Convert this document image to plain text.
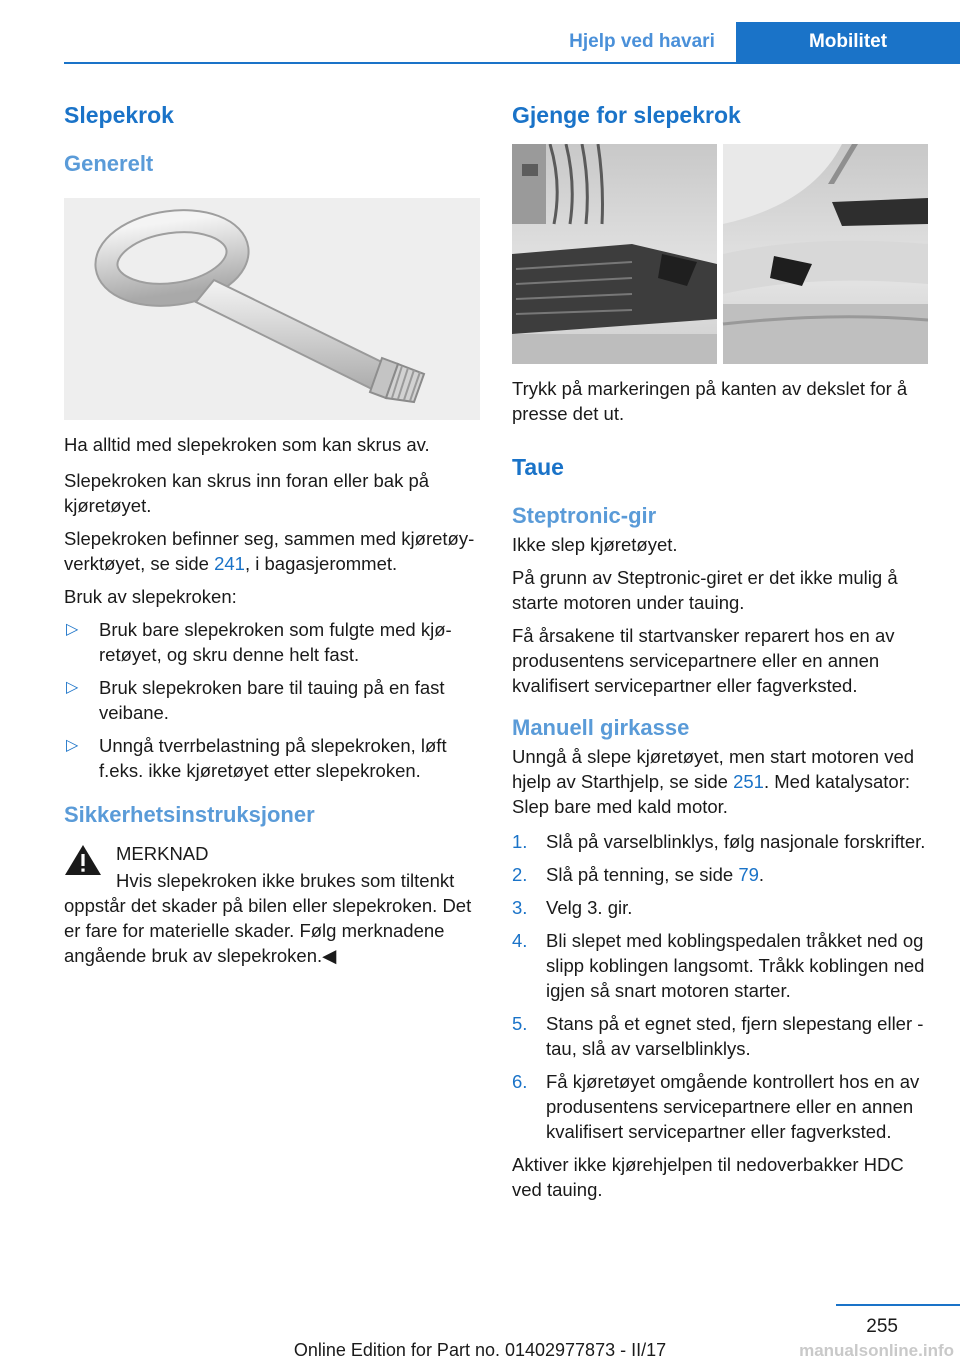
Hjelp ved havari	Mobilitet
Slepekrok
Generelt

Ha alltid med slepekroken som kan skrus av.

Slepekroken kan skrus inn foran eller bak på kjøretøyet.

Slepekroken befinner seg, sammen med kjøretøy-verktøyet, se side 241, i bagasjerommet.

Bruk av slepekroken:

▷ Bruk bare slepekroken som fulgte med kjøretøyet, og skru denne helt fast.
▷ Bruk slepekroken bare til tauing på en fast veibane.
▷ Unngå tverrbelastning på slepekroken, løft f.eks. ikke kjøretøyet etter slepekroken.
Sikkerhetsinstruksjoner

MERKNAD

Hvis slepekroken ikke brukes som tiltenkt oppstår det skader på bilen eller slepekroken. Det er fare for materielle skader. Følg merknadene angående bruk av slepekroken.◀

Gjenge for slepekrok

Trykk på markeringen på kanten av dekslet for å presse det ut.

Taue
Steptronic-gir

Ikke slep kjøretøyet.

På grunn av Steptronic-giret er det ikke mulig å starte motoren under tauing.

Få årsakene til startvansker reparert hos en av produsentens servicepartnere eller en annen kvalifisert servicepartner eller fagverksted.

Manuell girkasse

Unngå å slepe kjøretøyet, men start motoren ved hjelp av Starthjelp, se side 251. Med katalysator: Slep bare med kald motor.

1. Slå på varselblinklys, følg nasjonale forskrifter.
2. Slå på tenning, se side 79.
3. Velg 3. gir.
4. Bli slepet med koblingspedalen tråkket ned og slipp koblingen langsomt. Tråkk koblingen ned igjen så snart motoren starter.
5. Stans på et egnet sted, fjern slepestang eller -tau, slå av varselblinklys.
6. Få kjøretøyet omgående kontrollert hos en av produsentens servicepartnere eller en annen kvalifisert servicepartner eller fagverksted.

Aktiver ikke kjørehjelpen til nedoverbakker HDC ved tauing.

255
Online Edition for Part no. 01402977873 - II/17	manualsonline.info
